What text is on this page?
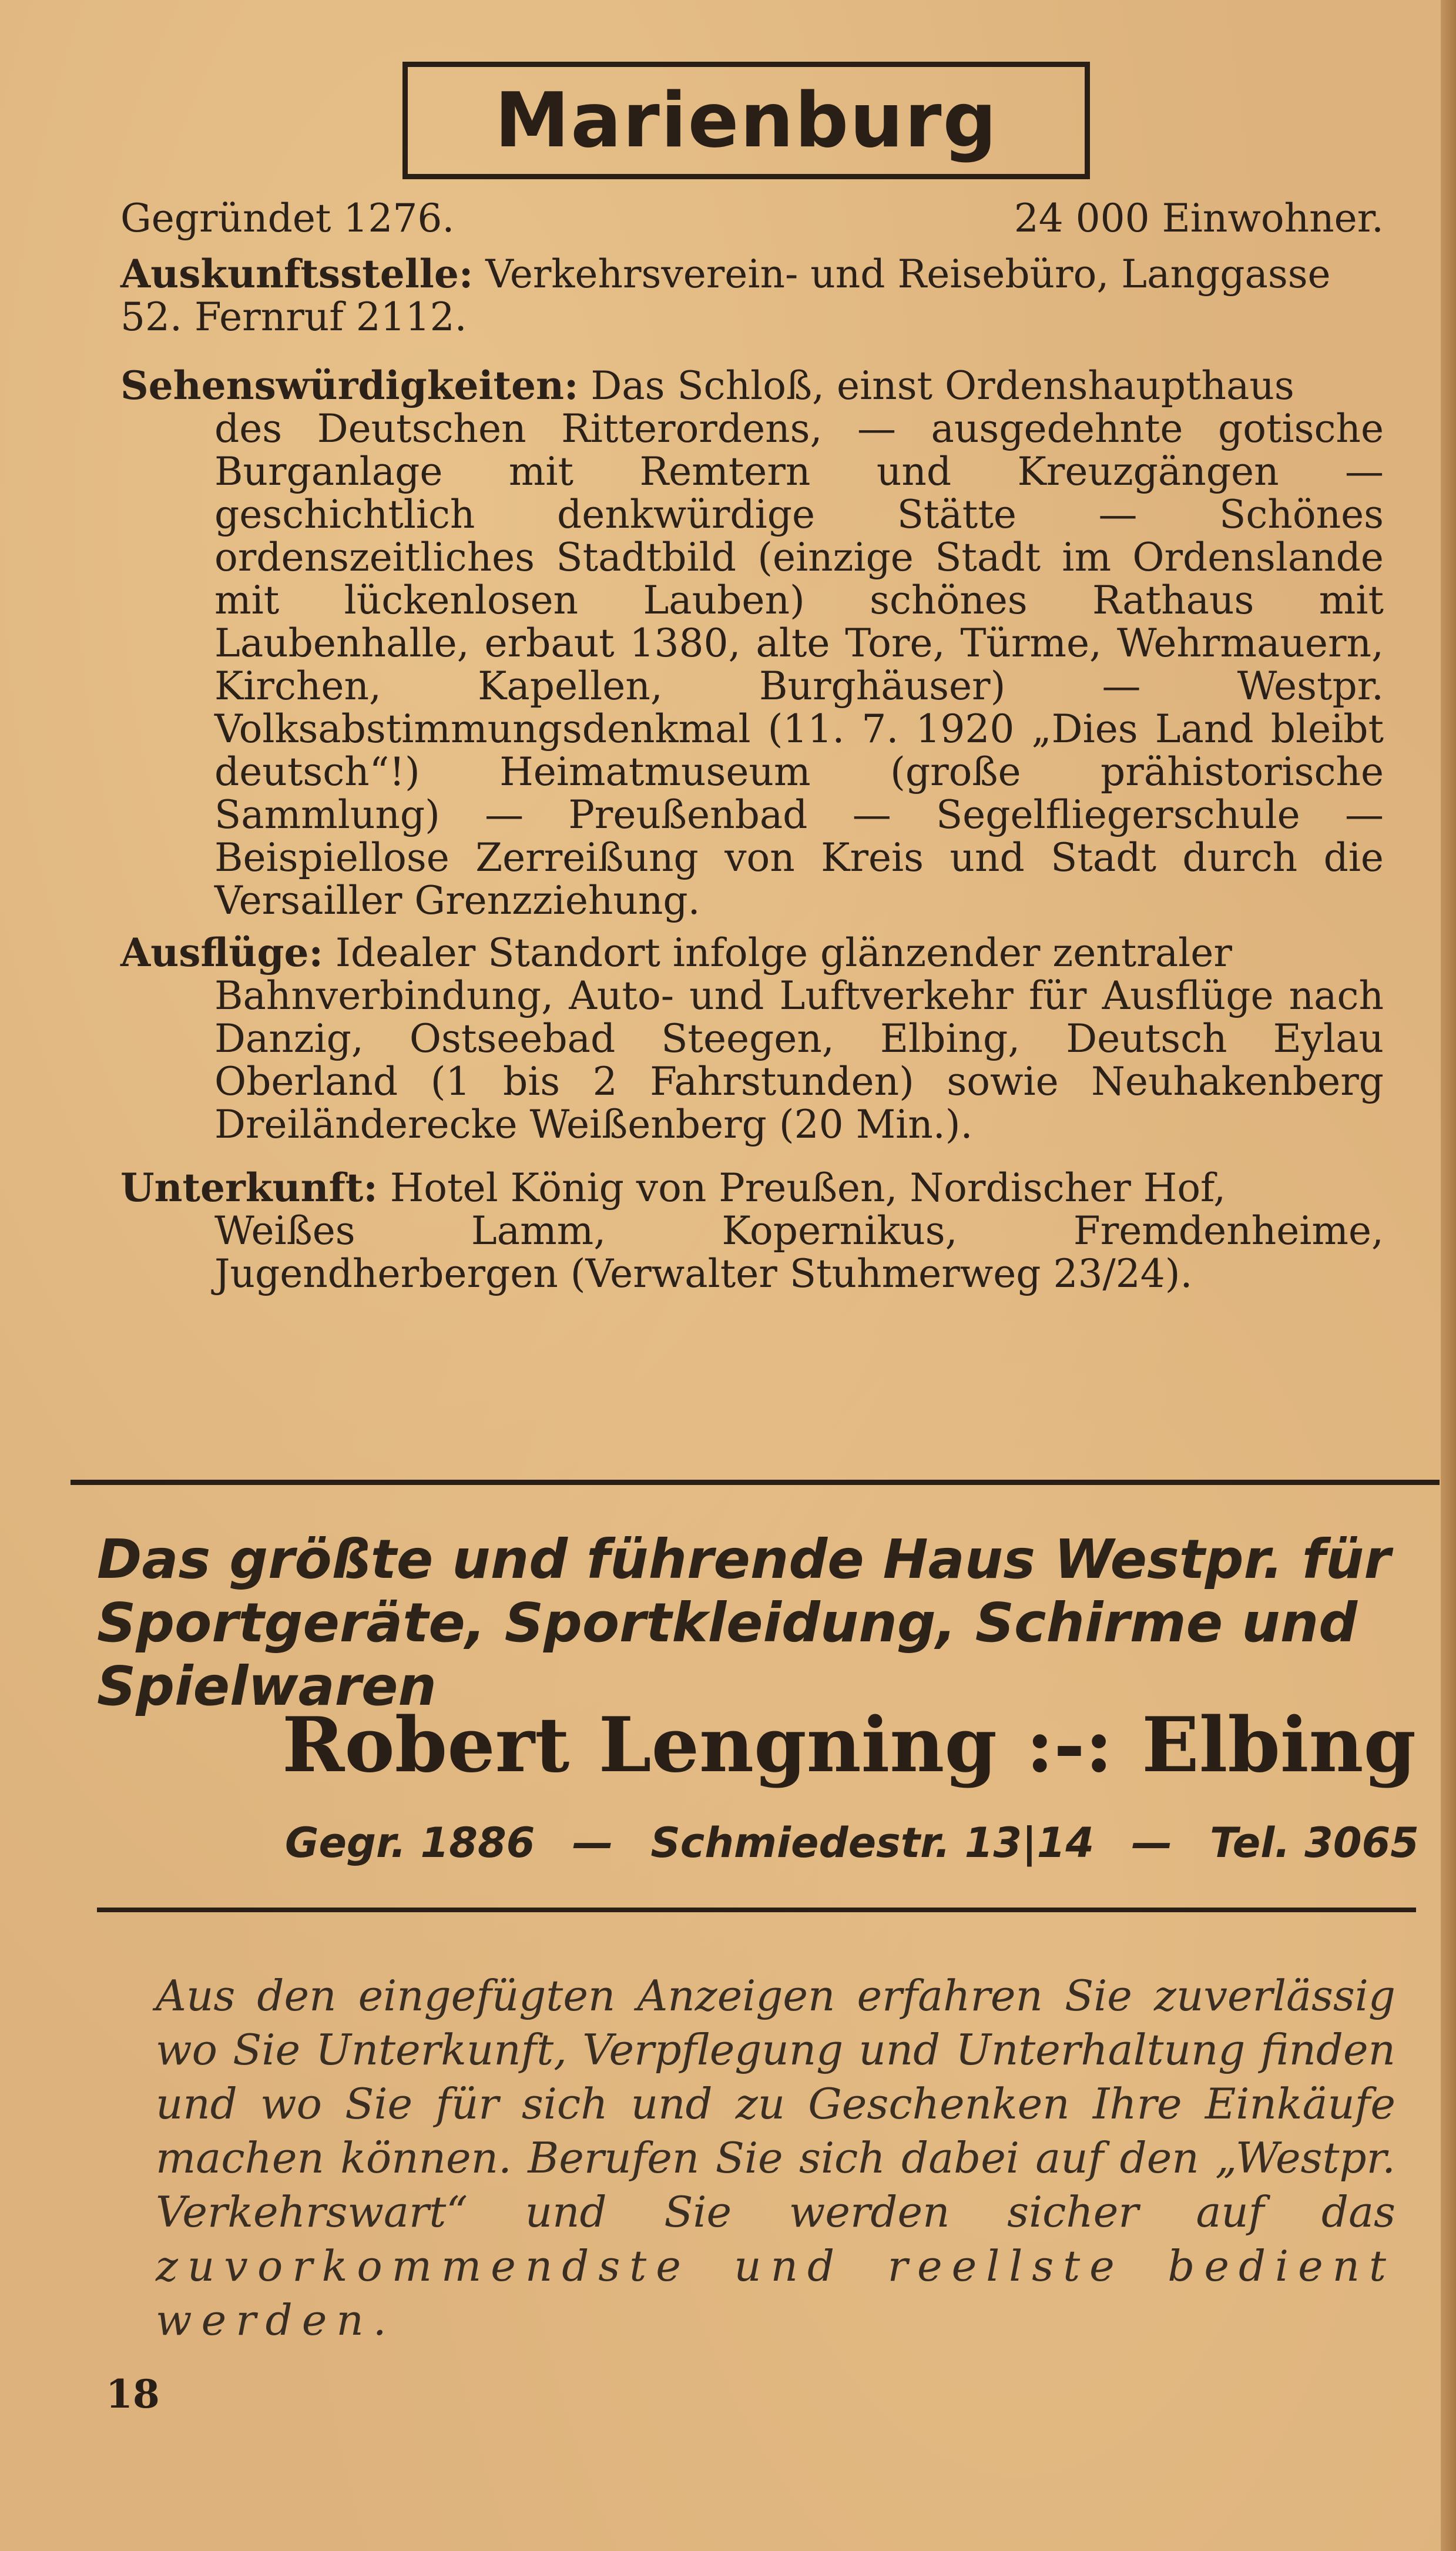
Marienburg
Gegründet 1276.	24 000 Einwohner.
Auskunftsstelle: Verkehrsverein- und Reisebüro, Langgasse
52. Fernruf 2112.
Sehenswürdigkeiten: Das Schloß, einst Ordenshaupthaus
des Deutschen Ritterordens, — ausgedehnte gotische Burganlage mit Remtern und Kreuzgängen — geschichtlich denkwürdige Stätte — Schönes ordenszeitliches Stadtbild (einzige Stadt im Ordenslande mit lückenlosen Lauben) schönes Rathaus mit Laubenhalle, erbaut 1380, alte Tore, Türme, Wehrmauern, Kirchen, Kapellen, Burghäuser) — Westpr. Volksabstimmungsdenkmal (11. 7. 1920 „Dies Land bleibt deutsch“!) Heimatmuseum (große prähistorische Sammlung) — Preußenbad — Segelfliegerschule — Beispiellose Zerreißung von Kreis und Stadt durch die Versailler Grenzziehung.
Ausflüge: Idealer Standort infolge glänzender zentraler
Bahnverbindung, Auto- und Luftverkehr für Ausflüge nach Danzig, Ostseebad Steegen, Elbing, Deutsch Eylau Oberland (1 bis 2 Fahrstunden) sowie Neuhakenberg Dreiländerecke Weißenberg (20 Min.).
Unterkunft: Hotel König von Preußen, Nordischer Hof,
Weißes Lamm, Kopernikus, Fremdenheime, Jugendherbergen (Verwalter Stuhmerweg 23/24).
Das größte und führende Haus Westpr. für Sportgeräte, Sportkleidung, Schirme und Spielwaren
Robert Lengning :-: Elbing
Gegr. 1886 — Schmiedestr. 13|14 — Tel. 3065
Aus den eingefügten Anzeigen erfahren Sie zuverlässig wo Sie Unterkunft, Verpflegung und Unterhaltung finden und wo Sie für sich und zu Geschenken Ihre Einkäufe machen können. Berufen Sie sich dabei auf den „Westpr. Verkehrswart“ und Sie werden sicher auf das zuvorkommendste und reellste bedient werden.
18
